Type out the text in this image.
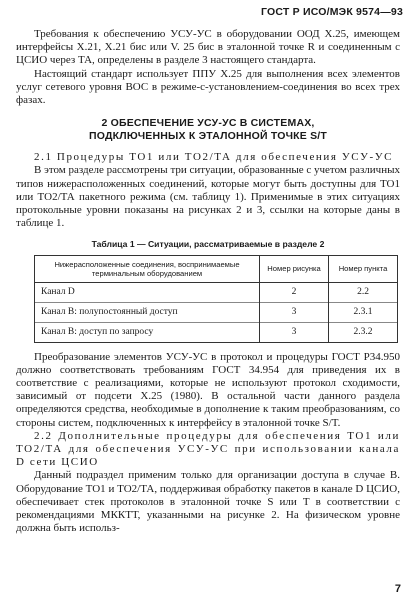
ГОСТ Р ИСО/МЭК 9574—93

Требования к обеспечению УСУ-УС в оборудовании ООД Х.25, имеющем интерфейсы Х.21, Х.21 бис или V. 25 бис в эталонной точке R и соединенным с ЦСИО через ТА, определены в разделе 3 настоящего стандарта.

Настоящий стандарт использует ППУ Х.25 для выполнения всех элементов услуг сетевого уровня ВОС в режиме-с-установлением-соединения во всех трех фазах.

2 ОБЕСПЕЧЕНИЕ УСУ-УС В СИСТЕМАХ,
ПОДКЛЮЧЕННЫХ К ЭТАЛОННОЙ ТОЧКЕ S/T

2.1 Процедуры ТО1 или ТО2/ТА для обеспечения УСУ-УС

В этом разделе рассмотрены три ситуации, образованные с учетом различных типов нижерасположенных соединений, которые могут быть доступны для ТО1 или ТО2/ТА пакетного режима (см. таблицу 1). Применимые в этих ситуациях протокольные уровни показаны на рисунках 2 и 3, ссылки на которые даны в таблице 1.

Таблица 1 — Ситуации, рассматриваемые в разделе 2
Нижерасположенные соединения, воспринимаемые терминальным оборудованием	Номер рисунка	Номер пункта
Канал D	2	2.2
Канал В: полупостоянный доступ	3	2.3.1
Канал В: доступ по запросу	3	2.3.2

Преобразование элементов УСУ-УС в протокол и процедуры ГОСТ Р34.950 должно соответствовать требованиям ГОСТ 34.954 для приведения их в соответствие с реализациями, которые не используют протокол сходимости, зависимый от подсети Х.25 (1980). В остальной части данного раздела определяются средства, необходимые в дополнение к таким преобразованиям, со стороны систем, подключенных к интерфейсу в эталонной точке S/T.

2.2 Дополнительные процедуры для обеспечения ТО1 или ТО2/ТА для обеспечения УСУ-УС при использовании канала D сети ЦСИО

Данный подраздел применим только для организации доступа в случае В. Оборудование ТО1 и ТО2/ТА, поддерживая обработку пакетов в канале D ЦСИО, обеспечивает стек протоколов в эталонной точке S или Т в соответствии с рекомендациями МККТТ, указанными на рисунке 2. На физическом уровне должна быть использ-

7
